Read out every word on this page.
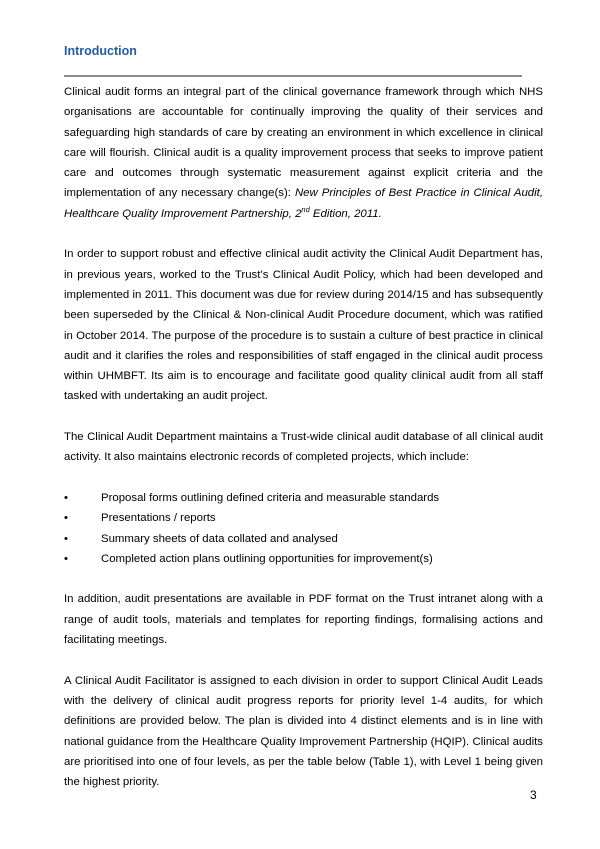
Introduction

Clinical audit forms an integral part of the clinical governance framework through which NHS organisations are accountable for continually improving the quality of their services and safeguarding high standards of care by creating an environment in which excellence in clinical care will flourish. Clinical audit is a quality improvement process that seeks to improve patient care and outcomes through systematic measurement against explicit criteria and the implementation of any necessary change(s): New Principles of Best Practice in Clinical Audit, Healthcare Quality Improvement Partnership, 2nd Edition, 2011.

In order to support robust and effective clinical audit activity the Clinical Audit Department has, in previous years, worked to the Trust’s Clinical Audit Policy, which had been developed and implemented in 2011. This document was due for review during 2014/15 and has subsequently been superseded by the Clinical & Non-clinical Audit Procedure document, which was ratified in October 2014. The purpose of the procedure is to sustain a culture of best practice in clinical audit and it clarifies the roles and responsibilities of staff engaged in the clinical audit process within UHMBFT. Its aim is to encourage and facilitate good quality clinical audit from all staff tasked with undertaking an audit project.

The Clinical Audit Department maintains a Trust-wide clinical audit database of all clinical audit activity. It also maintains electronic records of completed projects, which include:

•	Proposal forms outlining defined criteria and measurable standards
•	Presentations / reports
•	Summary sheets of data collated and analysed
•	Completed action plans outlining opportunities for improvement(s)

In addition, audit presentations are available in PDF format on the Trust intranet along with a range of audit tools, materials and templates for reporting findings, formalising actions and facilitating meetings.

A Clinical Audit Facilitator is assigned to each division in order to support Clinical Audit Leads with the delivery of clinical audit progress reports for priority level 1-4 audits, for which definitions are provided below. The plan is divided into 4 distinct elements and is in line with national guidance from the Healthcare Quality Improvement Partnership (HQIP). Clinical audits are prioritised into one of four levels, as per the table below (Table 1), with Level 1 being given the highest priority.

3
